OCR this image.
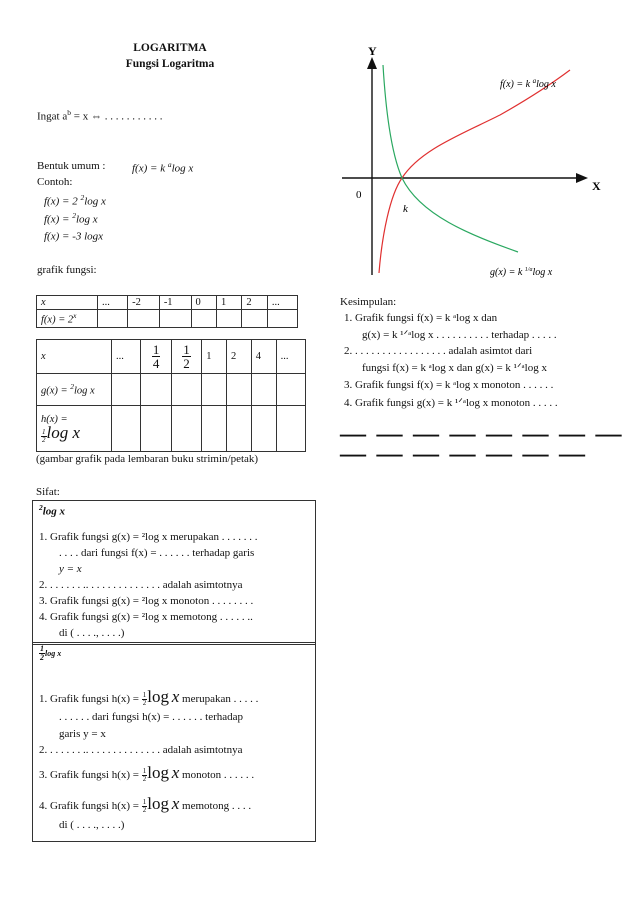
LOGARITMA
Fungsi Logaritma
Ingat $a^b = x$ ⇔ . . . . . . . . . . .
Bentuk umum : f(x) = k $^a$log x
Contoh:
f(x) = 2 $^2$log x
f(x) = $^2$log x
f(x) = -3 logx
grafik fungsi:
x	...	-2	-1	0	1	2	...
$f(x) = 2^x$							
x	...	$\frac{1}{4}$	$\frac{1}{2}$	1	2	4	...
g(x) = $^2$log x							

h(x) =
$\frac{1}{2}$ log x							

(gambar grafik pada lembaran buku strimin/petak)
Sifat:
$^2$log x
1. Grafik fungsi g(x) = ²log x merupakan . . . . . . .
. . . . dari fungsi f(x) = . . . . . . terhadap garis
y = x
2. . . . . . . .. . . . . . . . . . . . . . adalah asimtotnya
3. Grafik fungsi g(x) = ²log x monoton . . . . . . . .
4. Grafik fungsi g(x) = ²log x memotong . . . . . ..
di ( . . . ., . . . .)
$\frac{1}{2}$ log x
1. Grafik fungsi $h(x) = \frac{1}{2}$ log x merupakan . . . . .
. . . . . . dari fungsi h(x) = . . . . . . terhadap
garis y = x
2. . . . . . . .. . . . . . . . . . . . . . adalah asimtotnya
3. Grafik fungsi $h(x) = \frac{1}{2}$ log x monoton . . . . . .
4. Grafik fungsi $h(x) = \frac{1}{2}$ log x memotong . . . .
di ( . . . ., . . . .)
Y
X
0
k
f(x) = k $^a$log x
g(x) = k $^{1/a}$log x
Kesimpulan:
1. Grafik fungsi f(x) = k ᵃlog x dan
g(x) = k ¹ᐟᵃlog x . . . . . . . . . . terhadap . . . . .
2. . . . . . . . . . . . . . . . . . adalah asimtot dari
fungsi f(x) = k ᵃlog x dan g(x) = k ¹ᐟᵃlog x
3. Grafik fungsi f(x) = k ᵃlog x monoton . . . . . .
4. Grafik fungsi g(x) = k ¹ᐟᵃlog x monoton . . . . .
— — — — — — — — — — — — — — —
